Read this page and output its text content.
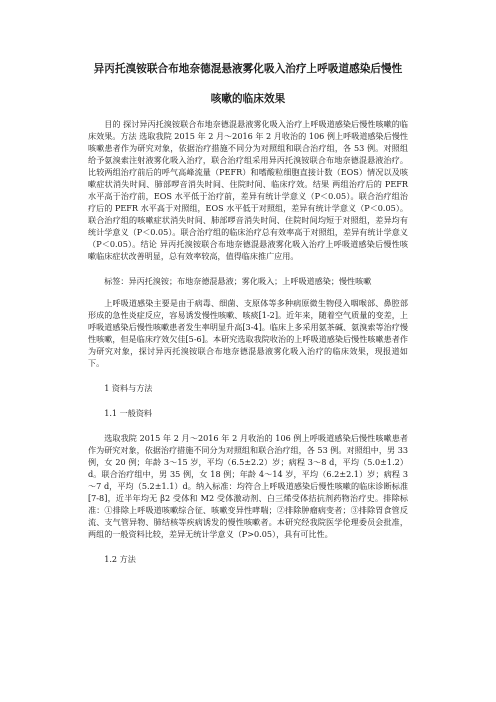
异丙托溴铵联合布地奈德混悬液雾化吸入治疗上呼吸道感染后慢性

咳嗽的临床效果

目的 探讨异丙托溴铵联合布地奈德混悬液雾化吸入治疗上呼吸道感染后慢性咳嗽的临床效果。方法 选取我院 2015 年 2 月～2016 年 2 月收治的 106 例上呼吸道感染后慢性咳嗽患者作为研究对象，依据治疗措施不同分为对照组和联合治疗组，各 53 例。对照组给予氨溴索注射液雾化吸入治疗，联合治疗组采用异丙托溴铵联合布地奈德混悬液治疗。比较两组治疗前后的呼气高峰流量（PEFR）和嗜酸粒细胞直接计数（EOS）情况以及咳嗽症状消失时间、肺部啰音消失时间、住院时间、临床疗效。结果 两组治疗后的 PEFR 水平高于治疗前，EOS 水平低于治疗前，差异有统计学意义（P＜0.05）。联合治疗组治疗后的 PEFR 水平高于对照组，EOS 水平低于对照组，差异有统计学意义（P＜0.05）。联合治疗组的咳嗽症状消失时间、肺部啰音消失时间、住院时间均短于对照组，差异均有统计学意义（P＜0.05）。联合治疗组的临床治疗总有效率高于对照组，差异有统计学意义（P＜0.05）。结论 异丙托溴铵联合布地奈德混悬液雾化吸入治疗上呼吸道感染后慢性咳嗽临床症状改善明显，总有效率较高，值得临床推广应用。

标签：异丙托溴铵；布地奈德混悬液；雾化吸入；上呼吸道感染；慢性咳嗽

上呼吸道感染主要是由于病毒、细菌、支原体等多种病原微生物侵入咽喉部、鼻腔部形成的急性炎症反应，容易诱发慢性咳嗽、咳痰[1-2]。近年来，随着空气质量的变差，上呼吸道感染后慢性咳嗽患者发生率明显升高[3-4]。临床上多采用氨茶碱、氨溴索等治疗慢性咳嗽，但是临床疗效欠佳[5-6]。本研究选取我院收治的上呼吸道感染后慢性咳嗽患者作为研究对象，探讨异丙托溴铵联合布地奈德混悬液雾化吸入治疗的临床效果，现报道如下。

1 资料与方法

1.1 一般资料

选取我院 2015 年 2 月～2016 年 2 月收治的 106 例上呼吸道感染后慢性咳嗽患者作为研究对象，依据治疗措施不同分为对照组和联合治疗组，各 53 例。对照组中，男 33 例，女 20 例；年龄 3～15 岁，平均（6.5±2.2）岁；病程 3～8 d，平均（5.0±1.2）d。联合治疗组中，男 35 例，女 18 例；年龄 4～14 岁，平均（6.2±2.1）岁；病程 3～7 d，平均（5.2±1.1）d。纳入标准：均符合上呼吸道感染后慢性咳嗽的临床诊断标准[7-8]，近半年均无 β2 受体和 M2 受体激动剂、白三烯受体拮抗剂药物治疗史。排除标准：①排除上呼吸道咳嗽综合征、咳嗽变异性哮喘；②排除肿瘤病变者；③排除胃食管反流、支气管异物、肺结核等疾病诱发的慢性咳嗽者。本研究经我院医学伦理委员会批准，两组的一般资料比较，差异无统计学意义（P>0.05），具有可比性。

1.2 方法
